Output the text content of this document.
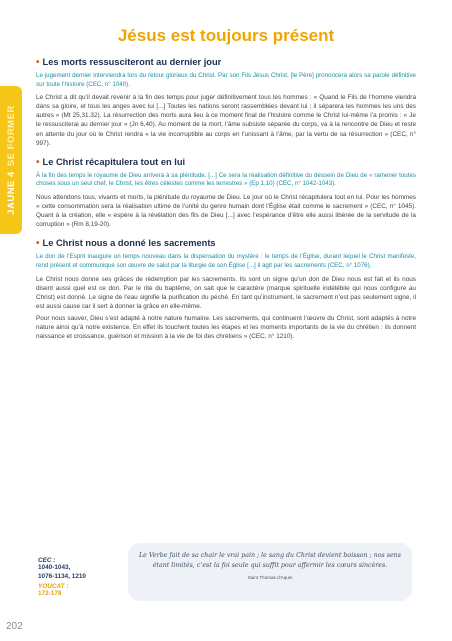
JAUNE 4
SE FORMER
Jésus est toujours présent
• Les morts ressusciteront au dernier jour

Le jugement dernier interviendra lors du retour glorieux du Christ. Par son Fils Jésus Christ, [le Père] prononcera alors sa parole définitive sur toute l’histoire (CEC, n° 1040).

Le Christ a dit qu’il devait revenir à la fin des temps pour juger définitivement tous les hommes : « Quand le Fils de l’homme viendra dans sa gloire, et tous les anges avec lui [...] Toutes les nations seront rassemblées devant lui ; il séparera les hommes les uns des autres » (Mt 25,31.32). La résurrection des morts aura lieu à ce moment final de l’histoire comme le Christ lui-même l’a promis : « Je le ressusciterai au dernier jour » (Jn 6,40). Au moment de la mort, l’âme subsiste séparée du corps, va à la rencontre de Dieu et reste en attente du jour où le Christ rendra « la vie incorruptible au corps en l’unissant à l’âme, par la vertu de sa résurrection » (CEC, n° 997).

• Le Christ récapitulera tout en lui

À la fin des temps le royaume de Dieu arrivera à sa plénitude. [...] Ce sera la réalisation définitive du dessein de Dieu de « ramener toutes choses sous un seul chef, le Christ, les êtres célestes comme les terrestres » (Ep 1,10) (CEC, n° 1042-1043).

Nous attendons tous, vivants et morts, la plénitude du royaume de Dieu. Le jour où le Christ récapitulera tout en lui. Pour les hommes « cette consommation sera la réalisation ultime de l’unité du genre humain dont l’Église était comme le sacrement » (CEC, n° 1045). Quant à la création, elle « espère à la révélation des fils de Dieu [...] avec l’espérance d’être elle aussi libérée de la servitude de la corruption » (Rm 8,19-20).

• Le Christ nous a donné les sacrements

Le don de l’Esprit inaugure un temps nouveau dans la dispensation du mystère : le temps de l’Église, durant lequel le Christ manifeste, rend présent et communique son œuvre de salut par la liturgie de son Église [...] il agit par les sacrements (CEC, n° 1076).

Le Christ nous donne ses grâces de rédemption par les sacrements. Ils sont un signe qu’un don de Dieu nous est fait et ils nous disent aussi quel est ce don. Par le rite du baptême, on sait que le caractère (marque spirituelle indélébile qui nous configure au Christ) est donné. Le signe de l’eau signifie la purification du péché. En tant qu’instrument, le sacrement n’est pas seulement signe, il est aussi cause car il sert à donner la grâce en elle-même.

Pour nous sauver, Dieu s’est adapté à notre nature humaine. Les sacrements, qui continuent l’œuvre du Christ, sont adaptés à notre nature ainsi qu’à notre existence. En effet ils touchent toutes les étapes et les moments importants de la vie du chrétien : ils donnent naissance et croissance, guérison et mission à la vie de foi des chrétiens » (CEC, n° 1210).

CEC :
1040-1043,
1076-1134, 1210
YOUCAT :
172-178
Le Verbe fait de sa chair le vrai pain ; le sang du Christ devient boisson ; nos sens étant limités, c’est la foi seule qui suffit pour affermir les cœurs sincères.
Saint Thomas d’Aquin
202
